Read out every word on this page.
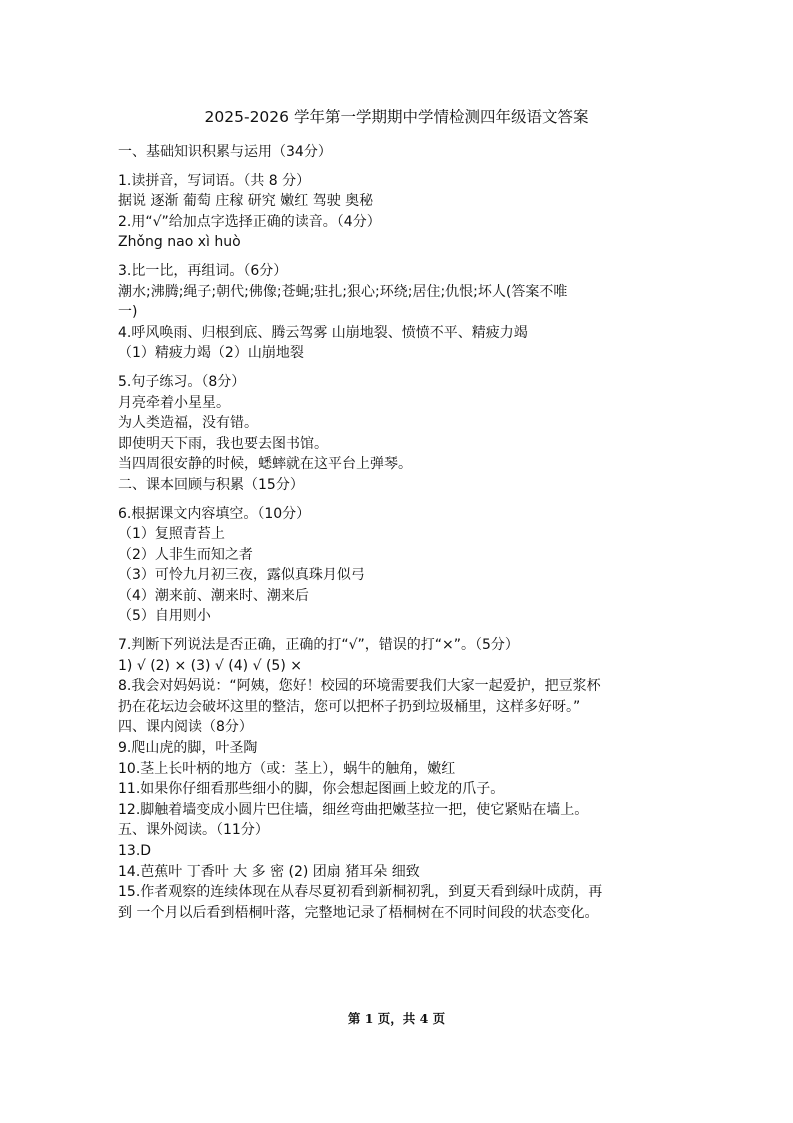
2025-2026 学年第一学期期中学情检测四年级语文答案
一、基础知识积累与运用（34分）
1.读拼音，写词语。（共 8 分）
据说 逐渐 葡萄 庄稼 研究 嫩红 驾驶 奥秘
2.用“√”给加点字选择正确的读音。（4分）
Zhǒng nao xì huò
3.比一比，再组词。（6分）
潮水;沸腾;绳子;朝代;佛像;苍蝇;驻扎;狠心;环绕;居住;仇恨;坏人(答案不唯
一)
4.呼风唤雨、归根到底、腾云驾雾 山崩地裂、愤愤不平、精疲力竭
（1）精疲力竭（2）山崩地裂
5.句子练习。（8分）
月亮牵着小星星。
为人类造福，没有错。
即使明天下雨，我也要去图书馆。
当四周很安静的时候，蟋蟀就在这平台上弹琴。
二、课本回顾与积累（15分）
6.根据课文内容填空。（10分）
（1）复照青苔上
（2）人非生而知之者
（3）可怜九月初三夜，露似真珠月似弓
（4）潮来前、潮来时、潮来后
（5）自用则小
7.判断下列说法是否正确，正确的打“√”，错误的打“×”。（5分）
1) √ (2) × (3) √ (4) √ (5) ×
8.我会对妈妈说：“阿姨，您好！校园的环境需要我们大家一起爱护，把豆浆杯
扔在花坛边会破坏这里的整洁，您可以把杯子扔到垃圾桶里，这样多好呀。”
四、课内阅读（8分）
9.爬山虎的脚，叶圣陶
10.茎上长叶柄的地方（或：茎上），蜗牛的触角，嫩红
11.如果你仔细看那些细小的脚，你会想起图画上蛟龙的爪子。
12.脚触着墙变成小圆片巴住墙，细丝弯曲把嫩茎拉一把，使它紧贴在墙上。
五、课外阅读。（11分）
13.D
14.芭蕉叶 丁香叶 大 多 密 (2) 团扇 猪耳朵 细致
15.作者观察的连续体现在从春尽夏初看到新桐初乳，到夏天看到绿叶成荫，再
到 一个月以后看到梧桐叶落，完整地记录了梧桐树在不同时间段的状态变化。
第 1 页，共 4 页
